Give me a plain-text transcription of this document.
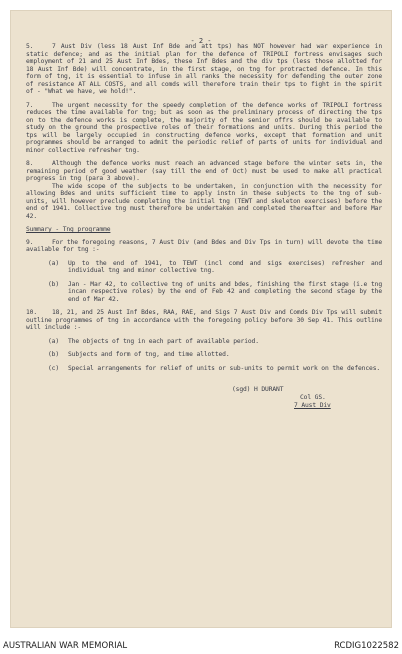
- 2 -
5.	7 Aust Div (less 18 Aust Inf Bde and att tps) has NOT however had war experience in static defence; and as the initial plan for the defence of TRIPOLI fortress envisages such employment of 21 and 25 Aust Inf Bdes, these Inf Bdes and the div tps (less those allotted for 18 Aust Inf Bde) will concentrate, in the first stage, on tng for protracted defence. In this form of tng, it is essential to infuse in all ranks the necessity for defending the outer zone of resistance AT ALL COSTS, and all comds will therefore train their tps to fight in the spirit of - "What we have, we hold!".
7.	The urgent necessity for the speedy completion of the defence works of TRIPOLI fortress reduces the time available for tng; but as soon as the preliminary process of directing the tps on to the defence works is complete, the majority of the senior offrs should be available to study on the ground the prospective roles of their formations and units. During this period the tps will be largely occupied in constructing defence works, except that formation and unit programmes should be arranged to admit the periodic relief of parts of units for individual and minor collective refresher tng.
8.	Although the defence works must reach an advanced stage before the winter sets in, the remaining period of good weather (say till the end of Oct) must be used to make all practical progress in tng (para 3 above).
The wide scope of the subjects to be undertaken, in conjunction with the necessity for allowing Bdes and units sufficient time to apply instn in these subjects to the tng of sub-units, will however preclude completing the initial tng (TEWT and skeleton exercises) before the end of 1941. Collective tng must therefore be undertaken and completed thereafter and before Mar 42.
Summary - Tng programme
9.	For the foregoing reasons, 7 Aust Div (and Bdes and Div Tps in turn) will devote the time available for tng :-
(a) Up to the end of 1941, to TEWT (incl comd and sigs exercises) refresher and individual tng and minor collective tng.
(b) Jan - Mar 42, to collective tng of units and bdes, finishing the first stage (i.e tng incan respective roles) by the end of Feb 42 and completing the second stage by the end of Mar 42.
10.	18, 21, and 25 Aust Inf Bdes, RAA, RAE, and Sigs 7 Aust Div and Comds Div Tps will submit outline programmes of tng in accordance with the foregoing policy before 30 Sep 41. This outline will include :-
(a) The objects of tng in each part of available period.
(b) Subjects and form of tng, and time allotted.
(c) Special arrangements for relief of units or sub-units to permit work on the defences.
(sgd) H DURANT
Col GS.
7 Aust Div
AUSTRALIAN WAR MEMORIAL	RCDIG1022582
